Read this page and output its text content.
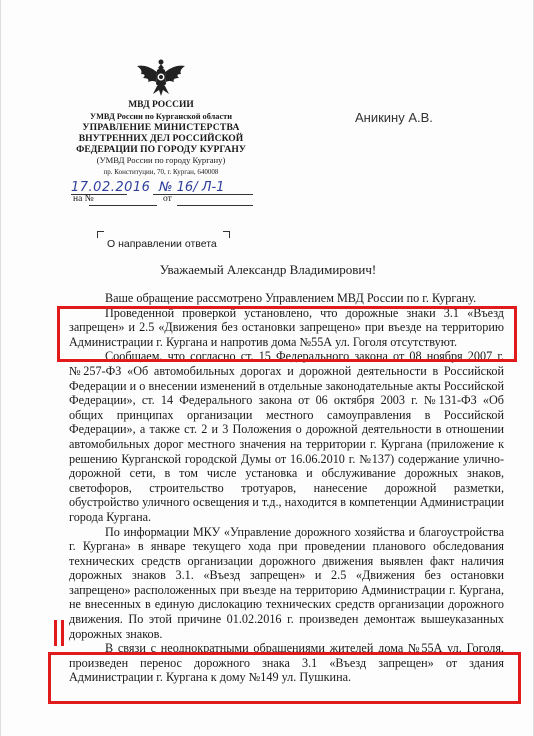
МВД РОССИИ
УМВД России по Курганской области
УПРАВЛЕНИЕ МИНИСТЕРСТВА
ВНУТРЕННИХ ДЕЛ РОССИЙСКОЙ
ФЕДЕРАЦИИ ПО ГОРОДУ КУРГАНУ
(УМВД России по городу Кургану)
пр. Конституции, 70, г. Курган, 640008
Аникину А.В.
17.02.2016 № 16/ Л-1
на №	от
О направлении ответа
Уважаемый Александр Владимирович!

Ваше обращение рассмотрено Управлением МВД России по г. Кургану.

Проведенной проверкой установлено, что дорожные знаки 3.1 «Въезд запрещен» и 2.5 «Движения без остановки запрещено» при въезде на территорию Администрации г. Кургана и напротив дома №55А ул. Гоголя отсутствуют.

Сообщаем, что согласно ст. 15 Федерального закона от 08 ноября 2007 г. №257-ФЗ «Об автомобильных дорогах и дорожной деятельности в Российской Федерации и о внесении изменений в отдельные законодательные акты Российской Федерации», ст. 14 Федерального закона от 06 октября 2003 г. №131-ФЗ «Об общих принципах организации местного самоуправления в Российской Федерации», а также ст. 2 и 3 Положения о дорожной деятельности в отношении автомобильных дорог местного значения на территории г. Кургана (приложение к решению Курганской городской Думы от 16.06.2010 г. №137) содержание улично-дорожной сети, в том числе установка и обслуживание дорожных знаков, светофоров, строительство тротуаров, нанесение дорожной разметки, обустройство уличного освещения и т.д., находится в компетенции Администрации города Кургана.

По информации МКУ «Управление дорожного хозяйства и благоустройства г. Кургана» в январе текущего хода при проведении планового обследования технических средств организации дорожного движения выявлен факт наличия дорожных знаков 3.1. «Въезд запрещен» и 2.5 «Движения без остановки запрещено» расположенных при въезде на территорию Администрации г. Кургана, не внесенных в единую дислокацию технических средств организации дорожного движения. По этой причине 01.02.2016 г. произведен демонтаж вышеуказанных дорожных знаков.

В связи с неоднократными обращениями жителей дома №55А ул. Гоголя, произведен перенос дорожного знака 3.1 «Въезд запрещен» от здания Администрации г. Кургана к дому №149 ул. Пушкина.
